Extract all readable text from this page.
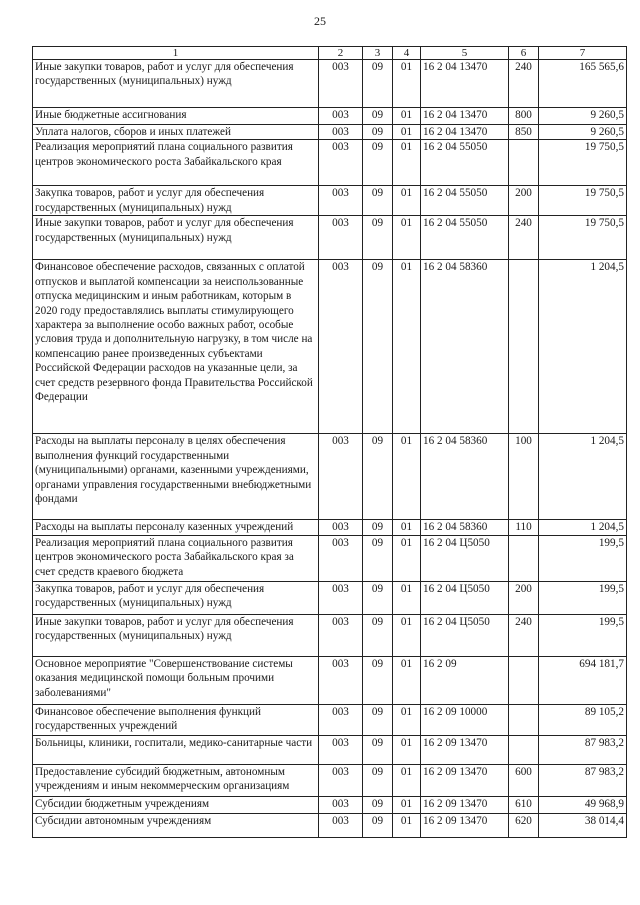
25
1	2	3	4	5	6	7
Иные закупки товаров, работ и услуг для обеспечения государственных (муниципальных) нужд	003	09	01	16 2 04 13470	240	165 565,6
Иные бюджетные ассигнования	003	09	01	16 2 04 13470	800	9 260,5
Уплата налогов, сборов и иных платежей	003	09	01	16 2 04 13470	850	9 260,5
Реализация мероприятий плана социального развития центров экономического роста Забайкальского края	003	09	01	16 2 04 55050		19 750,5
Закупка товаров, работ и услуг для обеспечения государственных (муниципальных) нужд	003	09	01	16 2 04 55050	200	19 750,5
Иные закупки товаров, работ и услуг для обеспечения государственных (муниципальных) нужд	003	09	01	16 2 04 55050	240	19 750,5
Финансовое обеспечение расходов, связанных с оплатой отпусков и выплатой компенсации за неиспользованные отпуска медицинским и иным работникам, которым в 2020 году предоставлялись выплаты стимулирующего характера за выполнение особо важных работ, особые условия труда и дополнительную нагрузку, в том числе на компенсацию ранее произведенных субъектами Российской Федерации расходов на указанные цели, за счет средств резервного фонда Правительства Российской Федерации	003	09	01	16 2 04 58360		1 204,5
Расходы на выплаты персоналу в целях обеспечения выполнения функций государственными (муниципальными) органами, казенными учреждениями, органами управления государственными внебюджетными фондами	003	09	01	16 2 04 58360	100	1 204,5
Расходы на выплаты персоналу казенных учреждений	003	09	01	16 2 04 58360	110	1 204,5
Реализация мероприятий плана социального развития центров экономического роста Забайкальского края за счет средств краевого бюджета	003	09	01	16 2 04 Ц5050		199,5
Закупка товаров, работ и услуг для обеспечения государственных (муниципальных) нужд	003	09	01	16 2 04 Ц5050	200	199,5
Иные закупки товаров, работ и услуг для обеспечения государственных (муниципальных) нужд	003	09	01	16 2 04 Ц5050	240	199,5
Основное мероприятие "Совершенствование системы оказания медицинской помощи больным прочими заболеваниями"	003	09	01	16 2 09		694 181,7
Финансовое обеспечение выполнения функций государственных учреждений	003	09	01	16 2 09 10000		89 105,2
Больницы, клиники, госпитали, медико-санитарные части	003	09	01	16 2 09 13470		87 983,2
Предоставление субсидий бюджетным, автономным учреждениям и иным некоммерческим организациям	003	09	01	16 2 09 13470	600	87 983,2
Субсидии бюджетным учреждениям	003	09	01	16 2 09 13470	610	49 968,9
Субсидии автономным учреждениям	003	09	01	16 2 09 13470	620	38 014,4
